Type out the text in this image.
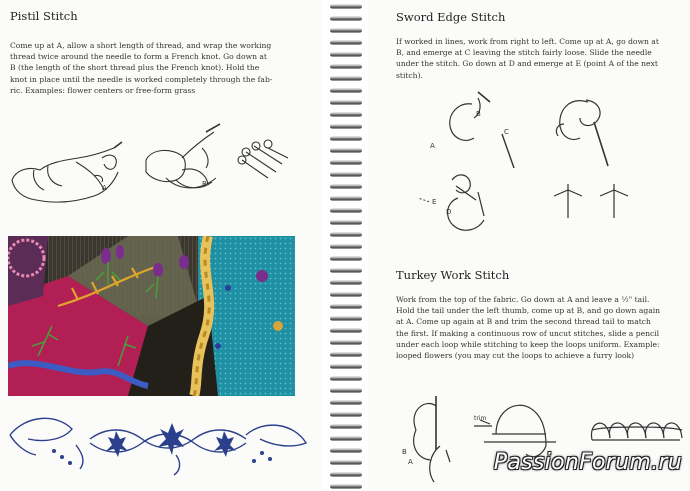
Pistil Stitch
Come up at A, allow a short length of thread, and wrap the working
thread twice around the needle to form a French knot. Go down at
B (the length of the short thread plus the French knot). Hold the
knot in place until the needle is worked completely through the fab-
ric. Examples: flower centers or free-form grass
A	B
Sword Edge Stitch
If worked in lines, work from right to left. Come up at A, go down at
B, and emerge at C leaving the stitch fairly loose. Slide the needle
under the stitch. Go down at D and emerge at E (point A of the next
stitch).
A
B
C
D
E
Turkey Work Stitch
Work from the top of the fabric. Go down at A and leave a ½" tail.
Hold the tail under the left thumb, come up at B, and go down again
at A. Come up again at B and trim the second thread tail to match
the first. If making a continuous row of uncut stitches, slide a pencil
under each loop while stitching to keep the loops uniform. Example:
looped flowers (you may cut the loops to achieve a furry look)
B
A
trim
PassionForum.ru
